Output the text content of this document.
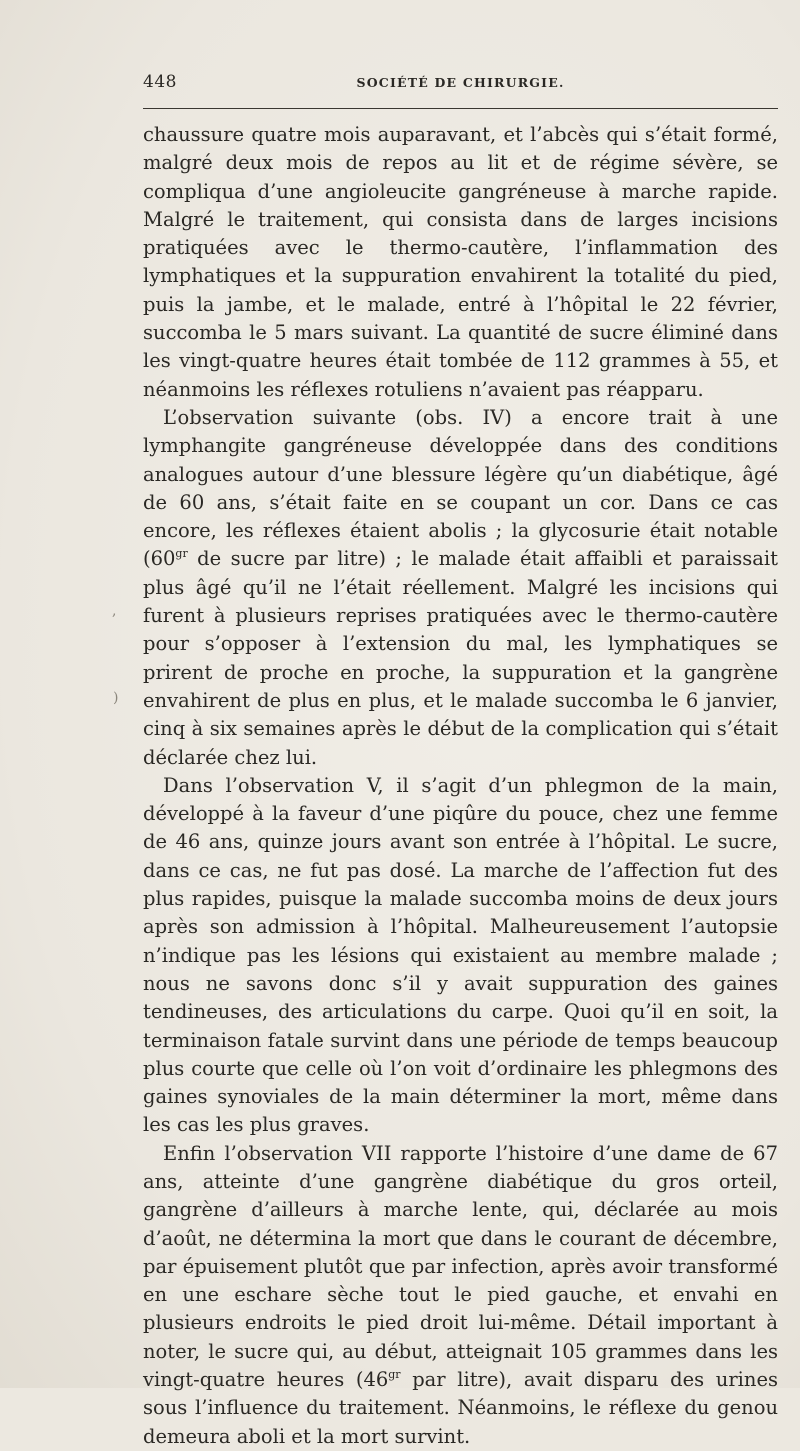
448	SOCIÉTÉ DE CHIRURGIE.

chaussure quatre mois auparavant, et l’abcès qui s’était formé, malgré deux mois de repos au lit et de régime sévère, se compliqua d’une angioleucite gangréneuse à marche rapide. Malgré le traitement, qui consista dans de larges incisions pratiquées avec le thermo-cautère, l’inflammation des lymphatiques et la suppuration envahirent la totalité du pied, puis la jambe, et le malade, entré à l’hôpital le 22 février, succomba le 5 mars suivant. La quantité de sucre éliminé dans les vingt-quatre heures était tombée de 112 grammes à 55, et néanmoins les réflexes rotuliens n’avaient pas réapparu.

L’observation suivante (obs. IV) a encore trait à une lymphangite gangréneuse développée dans des conditions analogues autour d’une blessure légère qu’un diabétique, âgé de 60 ans, s’était faite en se coupant un cor. Dans ce cas encore, les réflexes étaient abolis ; la glycosurie était notable ($60^{gr}$ de sucre par litre) ; le malade était affaibli et paraissait plus âgé qu’il ne l’était réellement. Malgré les incisions qui furent à plusieurs reprises pratiquées avec le thermo-cautère pour s’opposer à l’extension du mal, les lymphatiques se prirent de proche en proche, la suppuration et la gangrène envahirent de plus en plus, et le malade succomba le 6 janvier, cinq à six semaines après le début de la complication qui s’était déclarée chez lui.

Dans l’observation V, il s’agit d’un phlegmon de la main, développé à la faveur d’une piqûre du pouce, chez une femme de 46 ans, quinze jours avant son entrée à l’hôpital. Le sucre, dans ce cas, ne fut pas dosé. La marche de l’affection fut des plus rapides, puisque la malade succomba moins de deux jours après son admission à l’hôpital. Malheureusement l’autopsie n’indique pas les lésions qui existaient au membre malade ; nous ne savons donc s’il y avait suppuration des gaines tendineuses, des articulations du carpe. Quoi qu’il en soit, la terminaison fatale survint dans une période de temps beaucoup plus courte que celle où l’on voit d’ordinaire les phlegmons des gaines synoviales de la main déterminer la mort, même dans les cas les plus graves.

Enfin l’observation VII rapporte l’histoire d’une dame de 67 ans, atteinte d’une gangrène diabétique du gros orteil, gangrène d’ailleurs à marche lente, qui, déclarée au mois d’août, ne détermina la mort que dans le courant de décembre, par épuisement plutôt que par infection, après avoir transformé en une eschare sèche tout le pied gauche, et envahi en plusieurs endroits le pied droit lui-même. Détail important à noter, le sucre qui, au début, atteignait 105 grammes dans les vingt-quatre heures ($46^{gr}$ par litre), avait disparu des urines sous l’influence du traitement. Néanmoins, le réflexe du genou demeura aboli et la mort survint.

,
)
